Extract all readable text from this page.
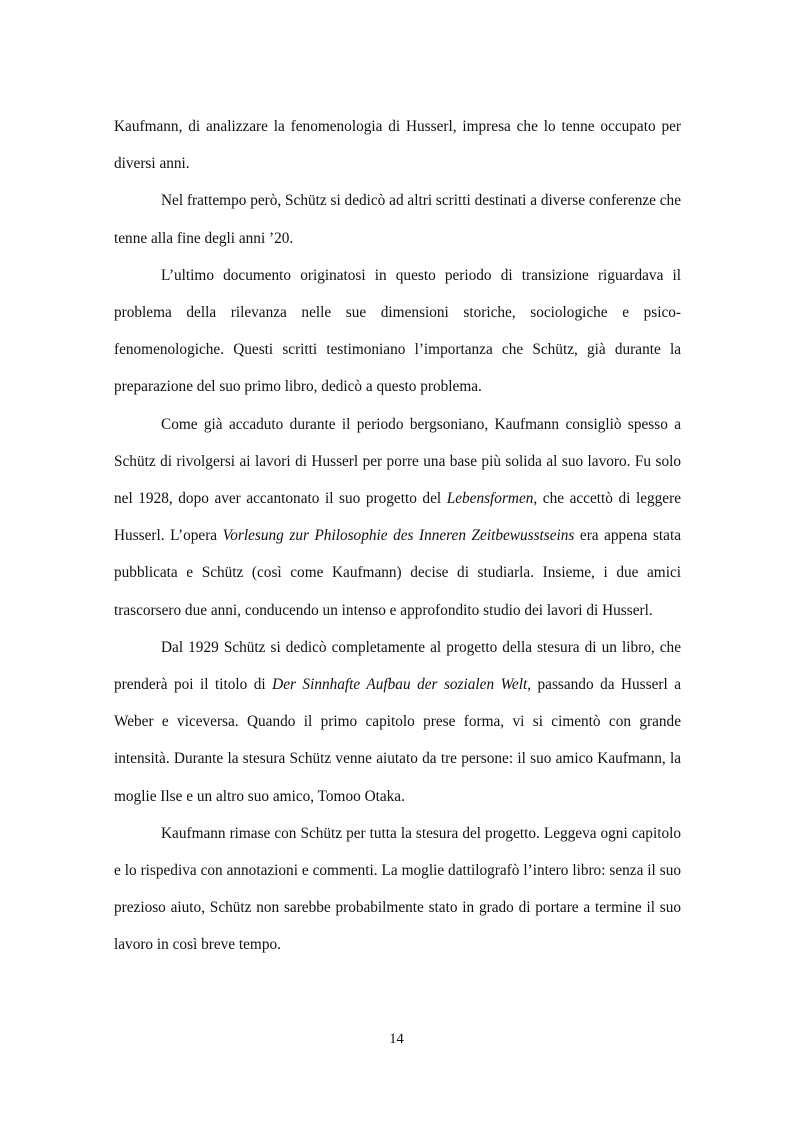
Kaufmann, di analizzare la fenomenologia di Husserl, impresa che lo tenne occupato per diversi anni.

Nel frattempo però, Schütz si dedicò ad altri scritti destinati a diverse conferenze che tenne alla fine degli anni ’20.

L’ultimo documento originatosi in questo periodo di transizione riguardava il problema della rilevanza nelle sue dimensioni storiche, sociologiche e psico-fenomenologiche. Questi scritti testimoniano l’importanza che Schütz, già durante la preparazione del suo primo libro, dedicò a questo problema.

Come già accaduto durante il periodo bergsoniano, Kaufmann consigliò spesso a Schütz di rivolgersi ai lavori di Husserl per porre una base più solida al suo lavoro. Fu solo nel 1928, dopo aver accantonato il suo progetto del Lebensformen, che accettò di leggere Husserl. L’opera Vorlesung zur Philosophie des Inneren Zeitbewusstseins era appena stata pubblicata e Schütz (così come Kaufmann) decise di studiarla. Insieme, i due amici trascorsero due anni, conducendo un intenso e approfondito studio dei lavori di Husserl.

Dal 1929 Schütz si dedicò completamente al progetto della stesura di un libro, che prenderà poi il titolo di Der Sinnhafte Aufbau der sozialen Welt, passando da Husserl a Weber e viceversa. Quando il primo capitolo prese forma, vi si cimentò con grande intensità. Durante la stesura Schütz venne aiutato da tre persone: il suo amico Kaufmann, la moglie Ilse e un altro suo amico, Tomoo Otaka.

Kaufmann rimase con Schütz per tutta la stesura del progetto. Leggeva ogni capitolo e lo rispediva con annotazioni e commenti. La moglie dattilografò l’intero libro: senza il suo prezioso aiuto, Schütz non sarebbe probabilmente stato in grado di portare a termine il suo lavoro in così breve tempo.

14
